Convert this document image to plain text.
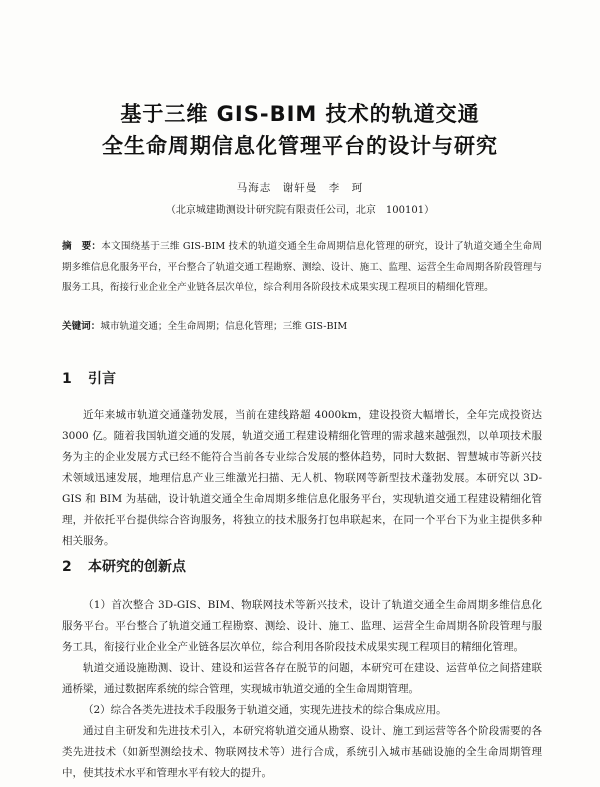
基于三维 GIS-BIM 技术的轨道交通
全生命周期信息化管理平台的设计与研究
马海志　谢轩曼　李　珂
（北京城建勘测设计研究院有限责任公司，北京　100101）
摘　要：本文围绕基于三维 GIS-BIM 技术的轨道交通全生命周期信息化管理的研究，设计了轨道交通全生命周期多维信息化服务平台，平台整合了轨道交通工程勘察、测绘、设计、施工、监理、运营全生命周期各阶段管理与服务工具，衔接行业企业全产业链各层次单位，综合利用各阶段技术成果实现工程项目的精细化管理。
关键词：城市轨道交通；全生命周期；信息化管理；三维 GIS-BIM
1 引言

近年来城市轨道交通蓬勃发展，当前在建线路超 4000km，建设投资大幅增长，全年完成投资达 3000 亿。随着我国轨道交通的发展，轨道交通工程建设精细化管理的需求越来越强烈，以单项技术服务为主的企业发展方式已经不能符合当前各专业综合发展的整体趋势，同时大数据、智慧城市等新兴技术领域迅速发展，地理信息产业三维激光扫描、无人机、物联网等新型技术蓬勃发展。本研究以 3D-GIS 和 BIM 为基础，设计轨道交通全生命周期多维信息化服务平台，实现轨道交通工程建设精细化管理，并依托平台提供综合咨询服务，将独立的技术服务打包串联起来，在同一个平台下为业主提供多种相关服务。

2 本研究的创新点

（1）首次整合 3D-GIS、BIM、物联网技术等新兴技术，设计了轨道交通全生命周期多维信息化服务平台。平台整合了轨道交通工程勘察、测绘、设计、施工、监理、运营全生命周期各阶段管理与服务工具，衔接行业企业全产业链各层次单位，综合利用各阶段技术成果实现工程项目的精细化管理。

轨道交通设施勘测、设计、建设和运营各存在脱节的问题，本研究可在建设、运营单位之间搭建联通桥梁，通过数据库系统的综合管理，实现城市轨道交通的全生命周期管理。

（2）综合各类先进技术手段服务于轨道交通，实现先进技术的综合集成应用。

通过自主研发和先进技术引入，本研究将轨道交通从勘察、设计、施工到运营等各个阶段需要的各类先进技术（如新型测绘技术、物联网技术等）进行合成，系统引入城市基础设施的全生命周期管理中，使其技术水平和管理水平有较大的提升。
